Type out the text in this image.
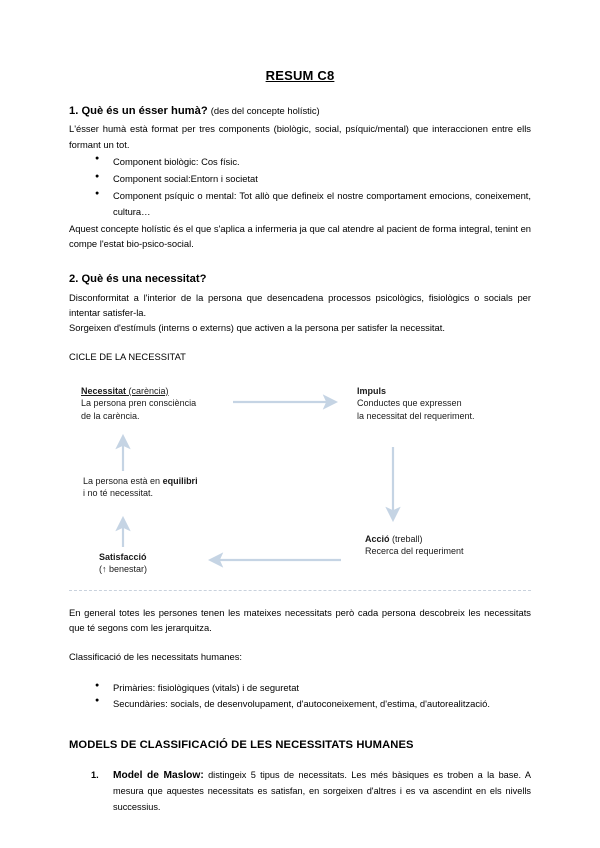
RESUM C8
1. Què és un ésser humà? (des del concepte holístic)

L'ésser humà està format per tres components (biològic, social, psíquic/mental) que interaccionen entre ells formant un tot.

● Component biològic: Cos físic.
● Component social:Entorn i societat
● Component psíquic o mental: Tot allò que defineix el nostre comportament emocions, coneixement, cultura…

Aquest concepte holístic és el que s'aplica a infermeria ja que cal atendre al pacient de forma integral, tenint en compe l'estat bio-psico-social.

2. Què és una necessitat?

Disconformitat a l'interior de la persona que desencadena processos psicològics, fisiològics o socials per intentar satisfer-la.

Sorgeixen d'estímuls (interns o externs) que activen a la persona per satisfer la necessitat.

CICLE DE LA NECESSITAT

Necessitat (carència)
La persona pren consciència
de la carència.
Impuls
Conductes que expressen
la necessitat del requeriment.
La persona està en equilibri
i no té necessitat.
Acció (treball)
Recerca del requeriment
Satisfacció
(↑ benestar)

En general totes les persones tenen les mateixes necessitats però cada persona descobreix les necessitats que té segons com les jerarquitza.

Classificació de les necessitats humanes:

● Primàries: fisiològiques (vitals) i de seguretat
● Secundàries: socials, de desenvolupament, d'autoconeixement, d'estima, d'autorealització.
MODELS DE CLASSIFICACIÓ DE LES NECESSITATS HUMANES
1. Model de Maslow: distingeix 5 tipus de necessitats. Les més bàsiques es troben a la base. A mesura que aquestes necessitats es satisfan, en sorgeixen d'altres i es va ascendint en els nivells successius.
